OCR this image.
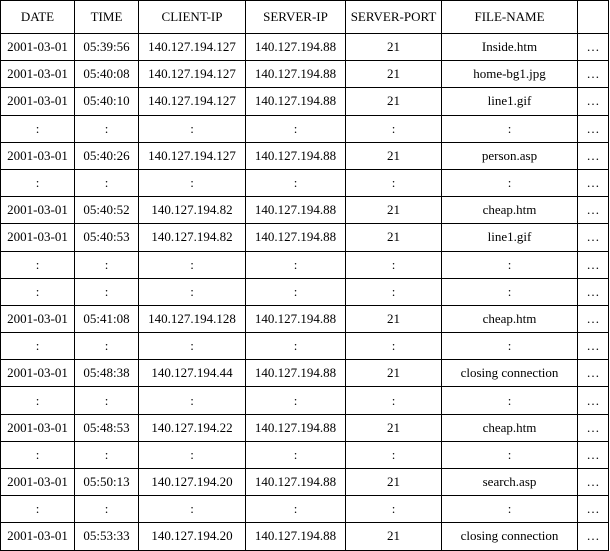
DATE	TIME	CLIENT-IP	SERVER-IP	SERVER-PORT	FILE-NAME	
2001-03-01	05:39:56	140.127.194.127	140.127.194.88	21	Inside.htm	…
2001-03-01	05:40:08	140.127.194.127	140.127.194.88	21	home-bg1.jpg	…
2001-03-01	05:40:10	140.127.194.127	140.127.194.88	21	line1.gif	…
:	:	:	:	:	:	…
2001-03-01	05:40:26	140.127.194.127	140.127.194.88	21	person.asp	…
:	:	:	:	:	:	…
2001-03-01	05:40:52	140.127.194.82	140.127.194.88	21	cheap.htm	…
2001-03-01	05:40:53	140.127.194.82	140.127.194.88	21	line1.gif	…
:	:	:	:	:	:	…
:	:	:	:	:	:	…
2001-03-01	05:41:08	140.127.194.128	140.127.194.88	21	cheap.htm	…
:	:	:	:	:	:	…
2001-03-01	05:48:38	140.127.194.44	140.127.194.88	21	closing connection	…
:	:	:	:	:	:	…
2001-03-01	05:48:53	140.127.194.22	140.127.194.88	21	cheap.htm	…
:	:	:	:	:	:	…
2001-03-01	05:50:13	140.127.194.20	140.127.194.88	21	search.asp	…
:	:	:	:	:	:	…
2001-03-01	05:53:33	140.127.194.20	140.127.194.88	21	closing connection	…
